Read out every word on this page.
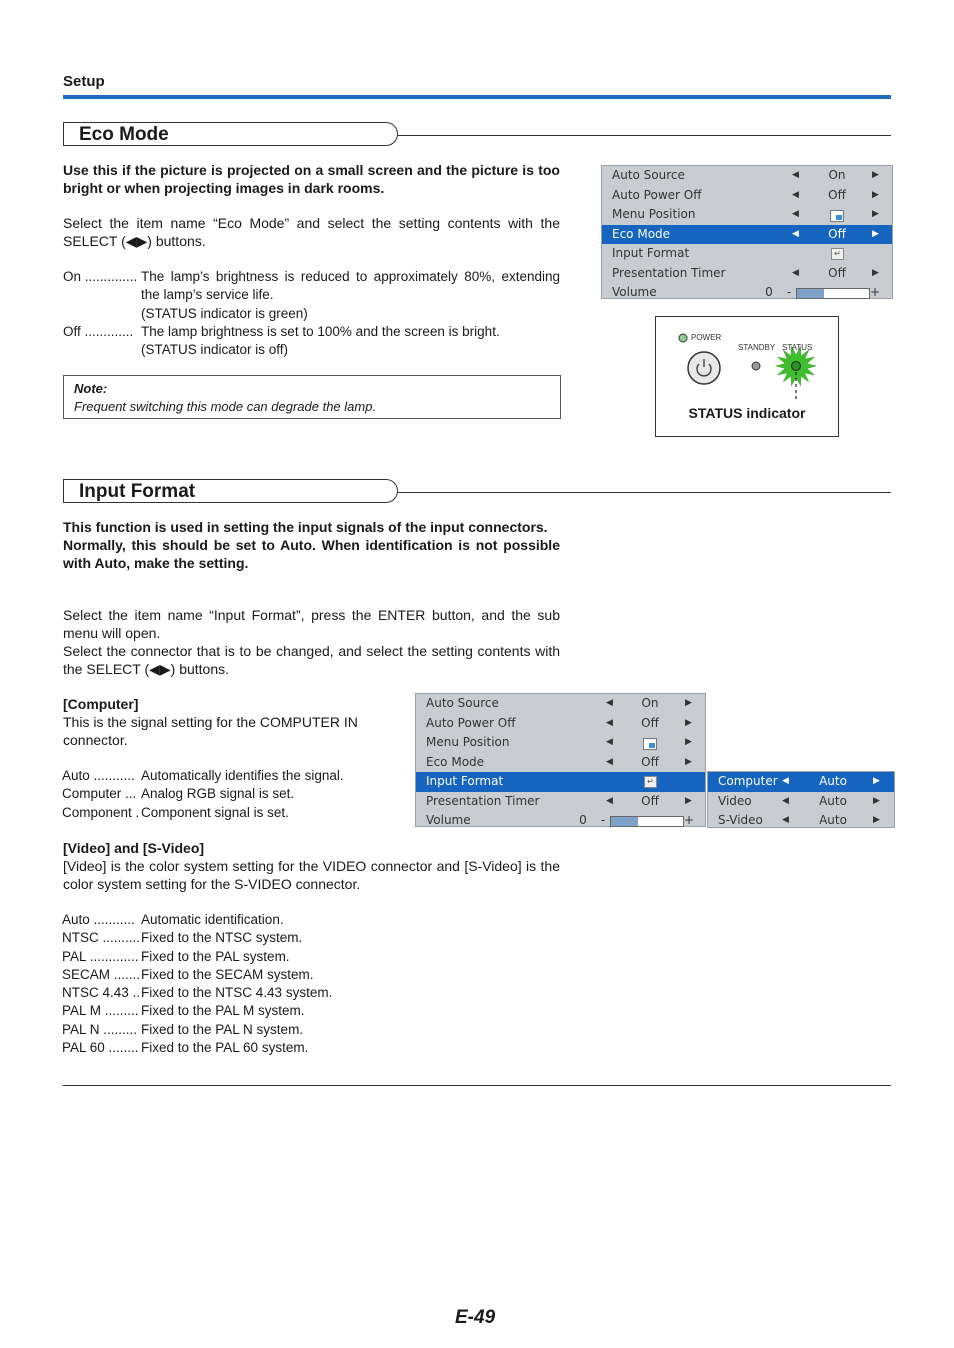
Setup
Eco Mode
Use this if the picture is projected on a small screen and the picture is too bright or when projecting images in dark rooms.
Select the item name “Eco Mode” and select the setting contents with the SELECT (◀▶) buttons.
On .............. The lamp’s brightness is reduced to approximately 80%, extending the lamp’s service life.
(STATUS indicator is green)
Off ............. The lamp brightness is set to 100% and the screen is bright.
(STATUS indicator is off)
Note:
Frequent switching this mode can degrade the lamp.
Auto Source	◀	On	▶
Auto Power Off	◀	Off	▶
Menu Position	◀	▶
Eco Mode	◀	Off	▶
Input Format	↵
Presentation Timer	◀	Off	▶
Volume	0 -	+
POWER
STANDBY STATUS
STATUS indicator
Input Format
This function is used in setting the input signals of the input connectors.
Normally, this should be set to Auto. When identification is not possible with Auto, make the setting.
Select the item name “Input Format”, press the ENTER button, and the sub menu will open.
Select the connector that is to be changed, and select the setting contents with the SELECT (◀▶) buttons.
[Computer]
This is the signal setting for the COMPUTER IN connector.
Auto ........... Automatically identifies the signal.
Computer ... Analog RGB signal is set.
Component . Component signal is set.
[Video] and [S-Video]
[Video] is the color system setting for the VIDEO connector and [S-Video] is the color system setting for the S-VIDEO connector.
Auto ........... Automatic identification.
NTSC .......... Fixed to the NTSC system.
PAL ............. Fixed to the PAL system.
SECAM ....... Fixed to the SECAM system.
NTSC 4.43 .. Fixed to the NTSC 4.43 system.
PAL M ......... Fixed to the PAL M system.
PAL N ......... Fixed to the PAL N system.
PAL 60 ........ Fixed to the PAL 60 system.
Auto Source	◀	On	▶
Auto Power Off	◀	Off	▶
Menu Position	◀	▶
Eco Mode	◀	Off	▶
Input Format	↵
Presentation Timer	◀	Off	▶
Volume	0 -	+
Computer ◀	Auto	▶
Video	◀	Auto	▶
S-Video ◀	Auto	▶
E-49
